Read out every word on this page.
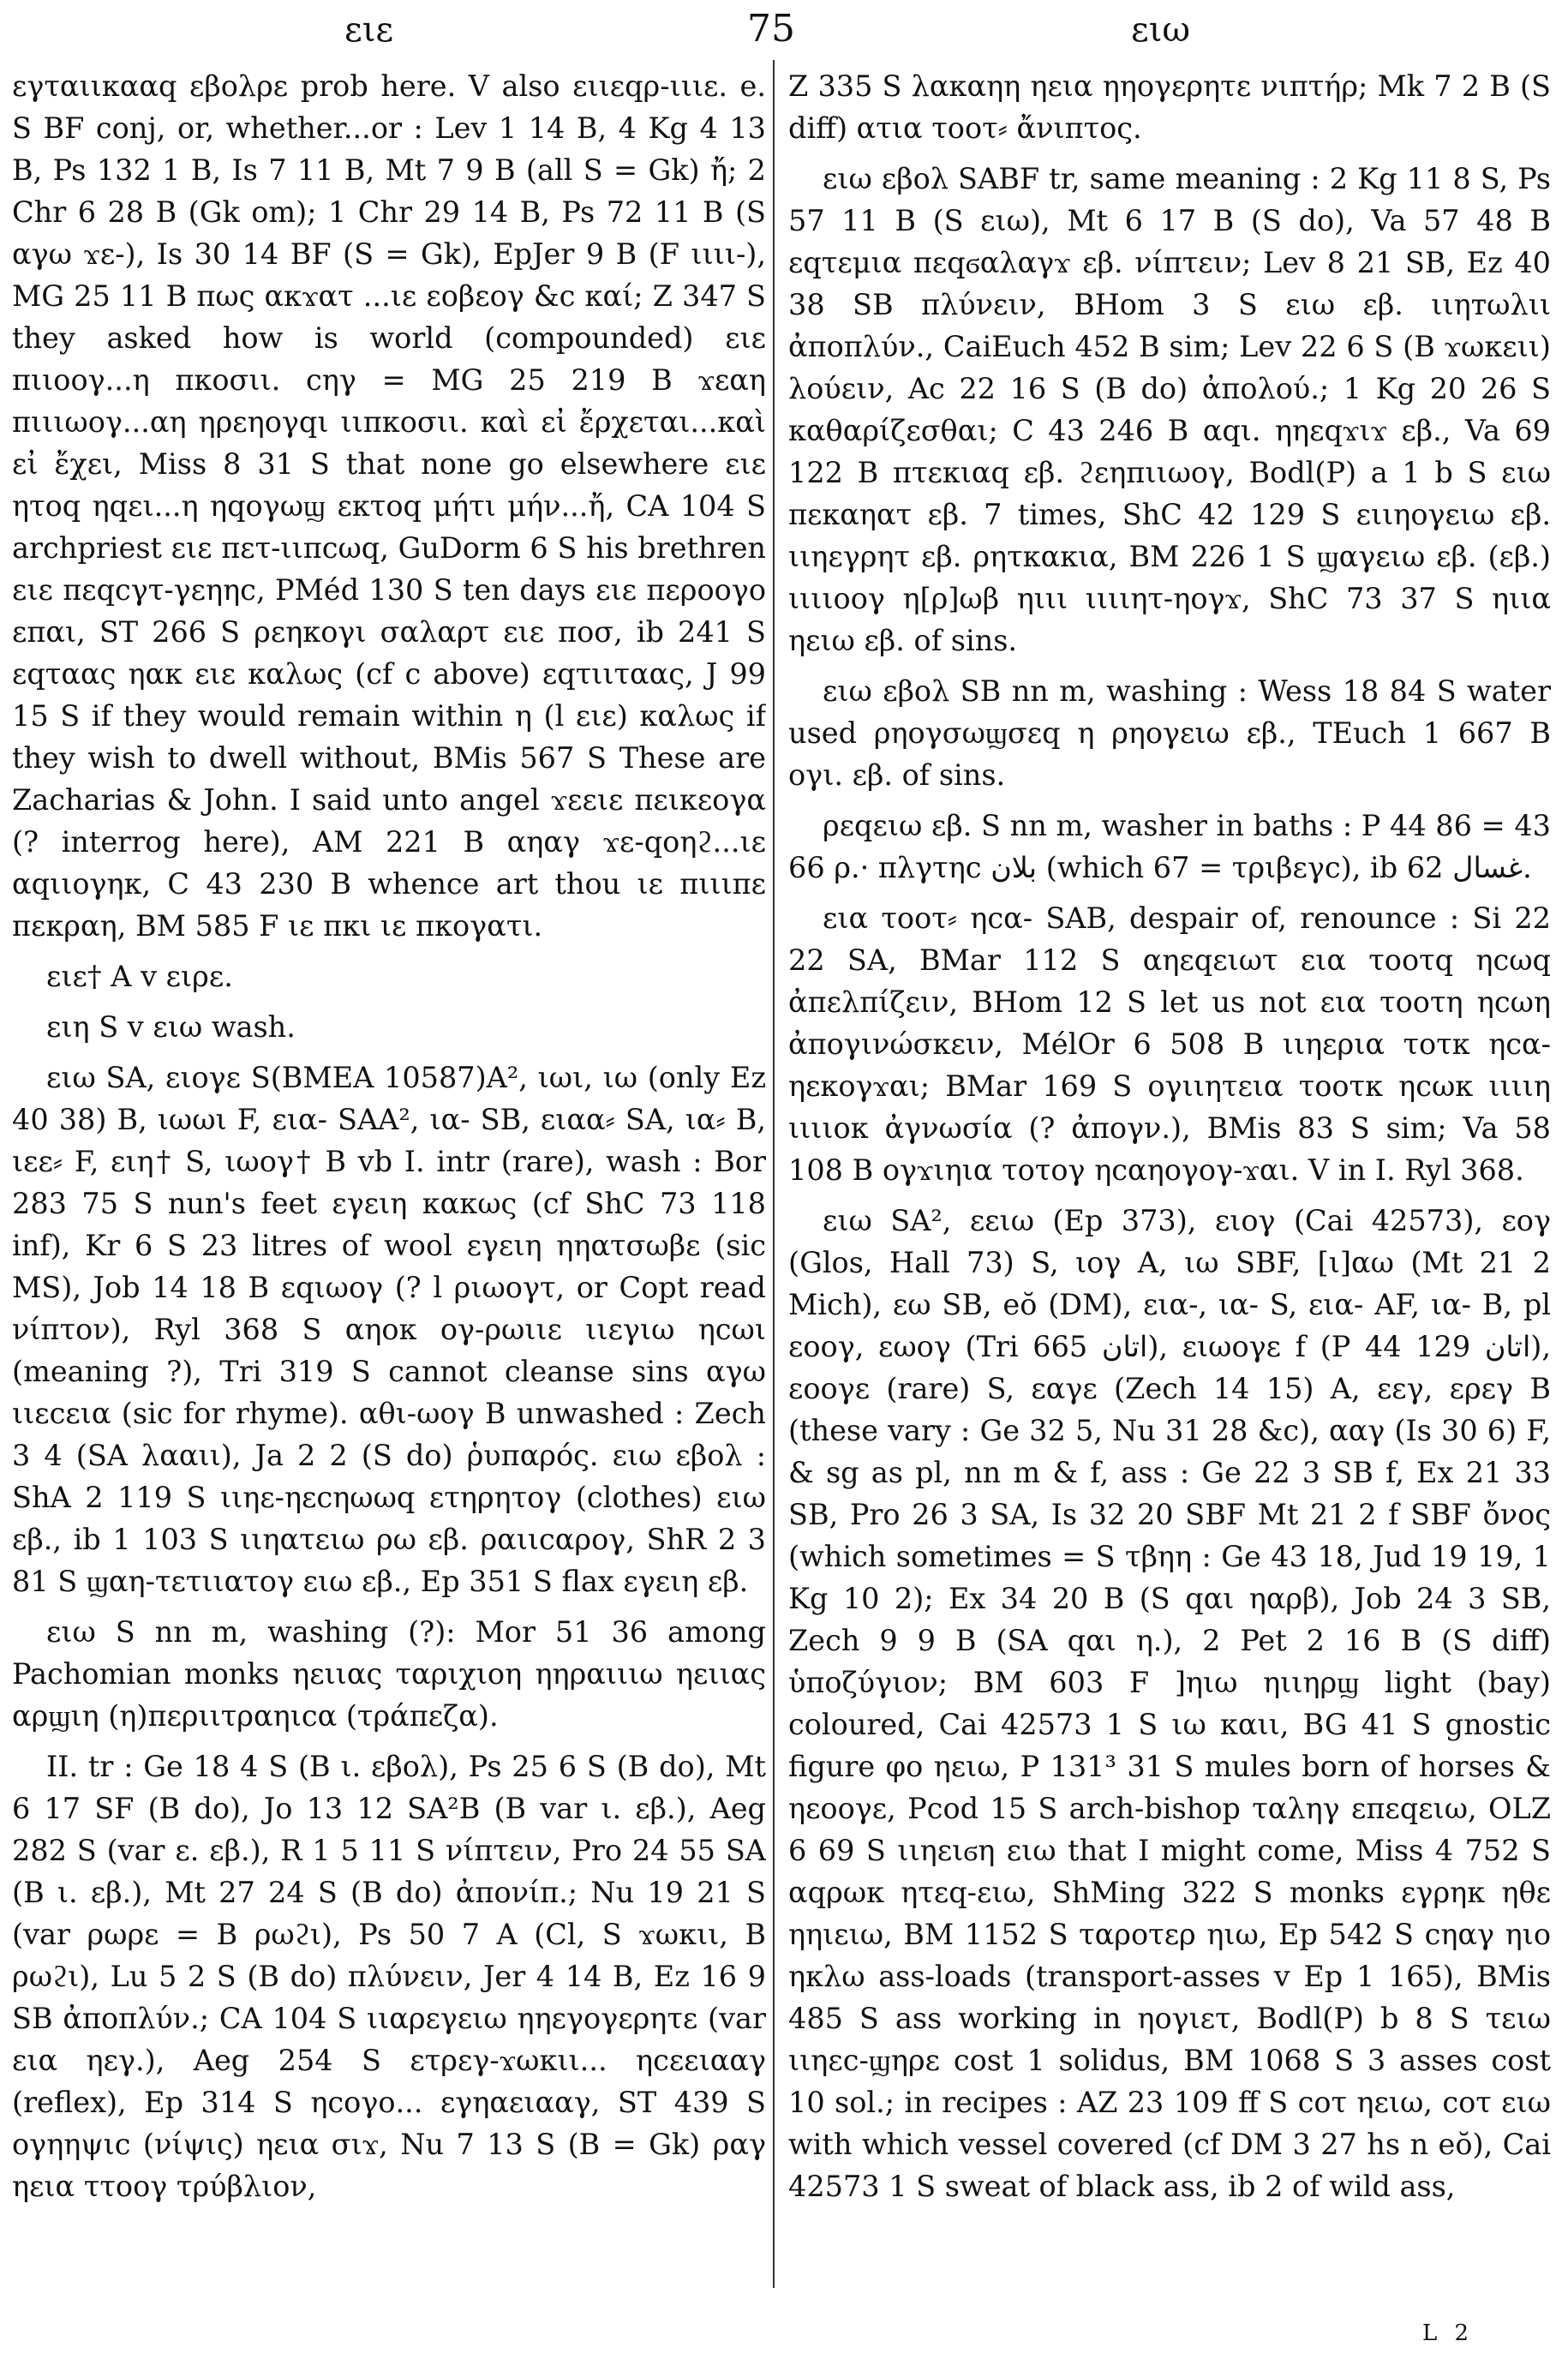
ειε	75	ειω

εγταιικααq εβολρε prob here. V also ειιεqρ-ιιιε. e. S BF conj, or, whether...or : Lev 1 14 B, 4 Kg 4 13 B, Ps 132 1 B, Is 7 11 B, Mt 7 9 B (all S = Gk) ἤ; 2 Chr 6 28 B (Gk om); 1 Chr 29 14 B, Ps 72 11 B (S αγω ϫε-), Is 30 14 BF (S = Gk), EpJer 9 B (F ιιιι-), MG 25 11 B πως ακϫατ ...ιε εοβεογ &c καί; Z 347 S they asked how is world (compounded) ειε πιιοογ...η πκοσιι. cηγ = MG 25 219 B ϫεαη πιιιωογ...αη ηρεηογqι ιιπκοσιι. καὶ εἰ ἔρχεται...καὶ εἰ ἔχει, Miss 8 31 S that none go elsewhere ειε ητοq ηqει...η ηqογωϣ εκτοq μήτι μήν...ἤ, CA 104 S archpriest ειε πετ-ιιπcωq, GuDorm 6 S his brethren ειε πεqcγτ-γεηηc, PMéd 130 S ten days ειε περοογο επαι, ST 266 S ρεηκογι σαλαρτ ειε ποσ, ib 241 S εqταας ηακ ειε καλως (cf c above) εqτιιταας, J 99 15 S if they would remain within η (l ειε) καλως if they wish to dwell without, BMis 567 S These are Zacharias & John. I said unto angel ϫεειε πειкεογα (? interrog here), AM 221 B αηαγ ϫε-qοηϩ...ιε αqιιογηк, C 43 230 B whence art thou ιε πιιιπε πεкραη, BM 585 F ιε πκι ιε πκογατι.

ειε† A v ειρε.

ειη S v ειω wash.

ειω SA, ειογε S(BMEA 10587)A², ιωι, ιω (only Ez 40 38) B, ιωωι F, εια- SAA², ια- SB, ειαα⸗ SA, ια⸗ B, ιεε⸗ F, ειη† S, ιωογ† B vb I. intr (rare), wash : Bor 283 75 S nun's feet εγειη καкως (cf ShC 73 118 inf), Kr 6 S 23 litres of wool εγειη ηηατσωβε (sic MS), Job 14 18 B εqιωογ (? l ριωογτ, or Copt read νίπτον), Ryl 368 S αηοк ογ-ρωιιε ιιεγιω ηcωι (meaning ?), Tri 319 S cannot cleanse sins αγω ιιεcεια (sic for rhyme). αθι-ωογ B unwashed : Zech 3 4 (SA λααιι), Ja 2 2 (S do) ῥυπαρός. ειω εβολ : ShA 2 119 S ιιηε-ηεcηωωq ετηρητογ (clothes) ειω εβ., ib 1 103 S ιιηατειω ρω εβ. ραιιcαρογ, ShR 2 3 81 S ϣαη-τετιιατογ ειω εβ., Ep 351 S flax εγειη εβ.

ειω S nn m, washing (?): Mor 51 36 among Pachomian monks ηειιας ταριχιοη ηηραιιιω ηειιας αρϣιη (η)περιιτραηιcα (τράπεζα).

II. tr : Ge 18 4 S (B ι. εβολ), Ps 25 6 S (B do), Mt 6 17 SF (B do), Jo 13 12 SA²B (B var ι. εβ.), Aeg 282 S (var ε. εβ.), R 1 5 11 S νίπτειν, Pro 24 55 SA (B ι. εβ.), Mt 27 24 S (B do) ἀπονίπ.; Nu 19 21 S (var ρωρε = B ρωϩι), Ps 50 7 A (Cl, S ϫωκιι, B ρωϩι), Lu 5 2 S (B do) πλύνειν, Jer 4 14 B, Ez 16 9 SB ἀποπλύν.; CA 104 S ιιαρεγειω ηηεγογερητε (var εια ηεγ.), Aeg 254 S ετρεγ-ϫωкιι... ηcεειααγ (reflex), Ep 314 S ηcογο... εγηαειααγ, ST 439 S ογηηψιc (νίψις) ηεια σιϫ, Nu 7 13 S (B = Gk) ραγ ηεια ττοογ τρύβλιον,

Z 335 S λακαηη ηεια ηηογερητε νιπτήρ; Mk 7 2 B (S diff) ατια τοοτ⸗ ἄνιπτος.

ειω εβολ SABF tr, same meaning : 2 Kg 11 8 S, Ps 57 11 B (S ειω), Mt 6 17 B (S do), Va 57 48 B εqτεμια πεqϭαλαγϫ εβ. νίπτειν; Lev 8 21 SB, Ez 40 38 SB πλύνειν, BHom 3 S ειω εβ. ιιηтωλιι ἀποπλύν., CaiEuch 452 B sim; Lev 22 6 S (B ϫωκειι) λούειν, Ac 22 16 S (B do) ἀπολού.; 1 Kg 20 26 S καθαρίζεσθαι; C 43 246 B αqι. ηηεqϫιϫ εβ., Va 69 122 B πτεκιαq εβ. ϩεηπιιωογ, Bodl(P) a 1 b S ειω πεκαηατ εβ. 7 times, ShC 42 129 S ειιηογειω εβ. ιιηεγρητ εβ. ρητκακια, BM 226 1 S ϣαγειω εβ. (εβ.) ιιιιοογ η[ρ]ωβ ηιιι ιιιιητ-ηογϫ, ShC 73 37 S ηιια ηειω εβ. of sins.

ειω εβολ SB nn m, washing : Wess 18 84 S water used ρηογσωϣσεq η ρηογειω εβ., TEuch 1 667 B ογι. εβ. of sins.

ρεqειω εβ. S nn m, washer in baths : P 44 86 = 43 66 ρ.· πλγτηc بلان (which 67 = τριβεγc), ib 62 غسال.

εια τοοτ⸗ ηcα- SAB, despair of, renounce : Si 22 22 SA, BMar 112 S αηεqειωτ εια τοοτq ηcωq ἀπελπίζειν, BHom 12 S let us not εια τοοτη ηcωη ἀπογινώσκειν, MélOr 6 508 B ιιηερια τοτκ ηcα-ηεκογϫαι; BMar 169 S ογιιητεια τοοτκ ηcωκ ιιιιη ιιιιοκ ἀγνωσία (? ἀπογν.), BMis 83 S sim; Va 58 108 B ογϫιηια τοτογ ηcαηογογ-ϫαι. V in I. Ryl 368.

ειω SA², εειω (Ep 373), ειογ (Cai 42573), εογ (Glos, Hall 73) S, ιογ A, ιω SBF, [ι]αω (Mt 21 2 Mich), εω SB, eŏ (DM), εια-, ια- S, εια- AF, ια- B, pl εοογ, εωογ (Tri 665 اتان), ειωογε f (P 44 129 اتان), εοογε (rare) S, εαγε (Zech 14 15) A, εεγ, ερεγ B (these vary : Ge 32 5, Nu 31 28 &c), ααγ (Is 30 6) F, & sg as pl, nn m & f, ass : Ge 22 3 SB f, Ex 21 33 SB, Pro 26 3 SA, Is 32 20 SBF Mt 21 2 f SBF ὄνος (which sometimes = S τβηη : Ge 43 18, Jud 19 19, 1 Kg 10 2); Ex 34 20 B (S qαι ηαρβ), Job 24 3 SB, Zech 9 9 B (SA qαι η.), 2 Pet 2 16 B (S diff) ὑποζύγιον; BM 603 F ]ηιω ηιιηρϣ light (bay) coloured, Cai 42573 1 S ιω καιι, BG 41 S gnostic figure φο ηειω, P 131³ 31 S mules born of horses & ηεοογε, Pcod 15 S arch-bishop ταληγ επεqειω, OLZ 6 69 S ιιηειϭη ειω that I might come, Miss 4 752 S αqρωκ ητεq-ειω, ShMing 322 S monks εγρηκ ηθε ηηιειω, BM 1152 S ταρoτερ ηιω, Ep 542 S cηαγ ηιο ηκλω ass-loads (transport-asses v Ep 1 165), BMis 485 S ass working in ηογιετ, Bodl(P) b 8 S τειω ιιηεc-ϣηρε cost 1 solidus, BM 1068 S 3 asses cost 10 sol.; in recipes : AZ 23 109 ff S cοτ ηειω, cοτ ειω with which vessel covered (cf DM 3 27 hs n eŏ), Cai 42573 1 S sweat of black ass, ib 2 of wild ass,

L 2
